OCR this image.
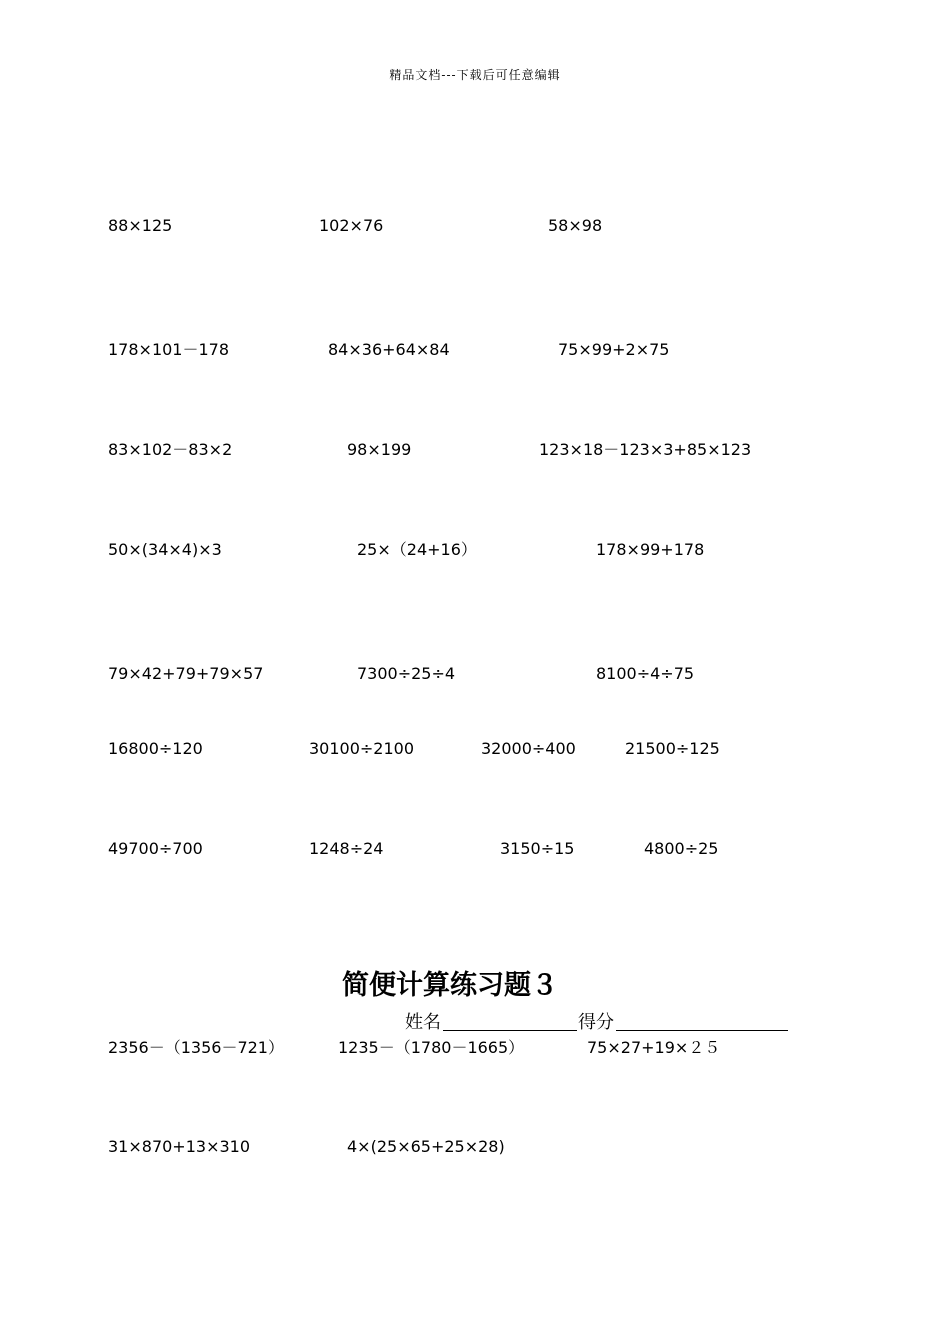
精品文档---下载后可任意编辑
88×125	102×76	58×98
178×101－178	84×36+64×84	75×99+2×75
83×102－83×2	98×199	123×18－123×3+85×123
50×(34×4)×3	25×（24+16）	178×99+178
79×42+79+79×57	7300÷25÷4	8100÷4÷75
16800÷120	30100÷2100	32000÷400	21500÷125
49700÷700	1248÷24	3150÷15	4800÷25
简便计算练习题３
姓名	得分
2356－（1356－721）	1235－（1780－1665）	75×27+19×２５
31×870+13×310	4×(25×65+25×28)
